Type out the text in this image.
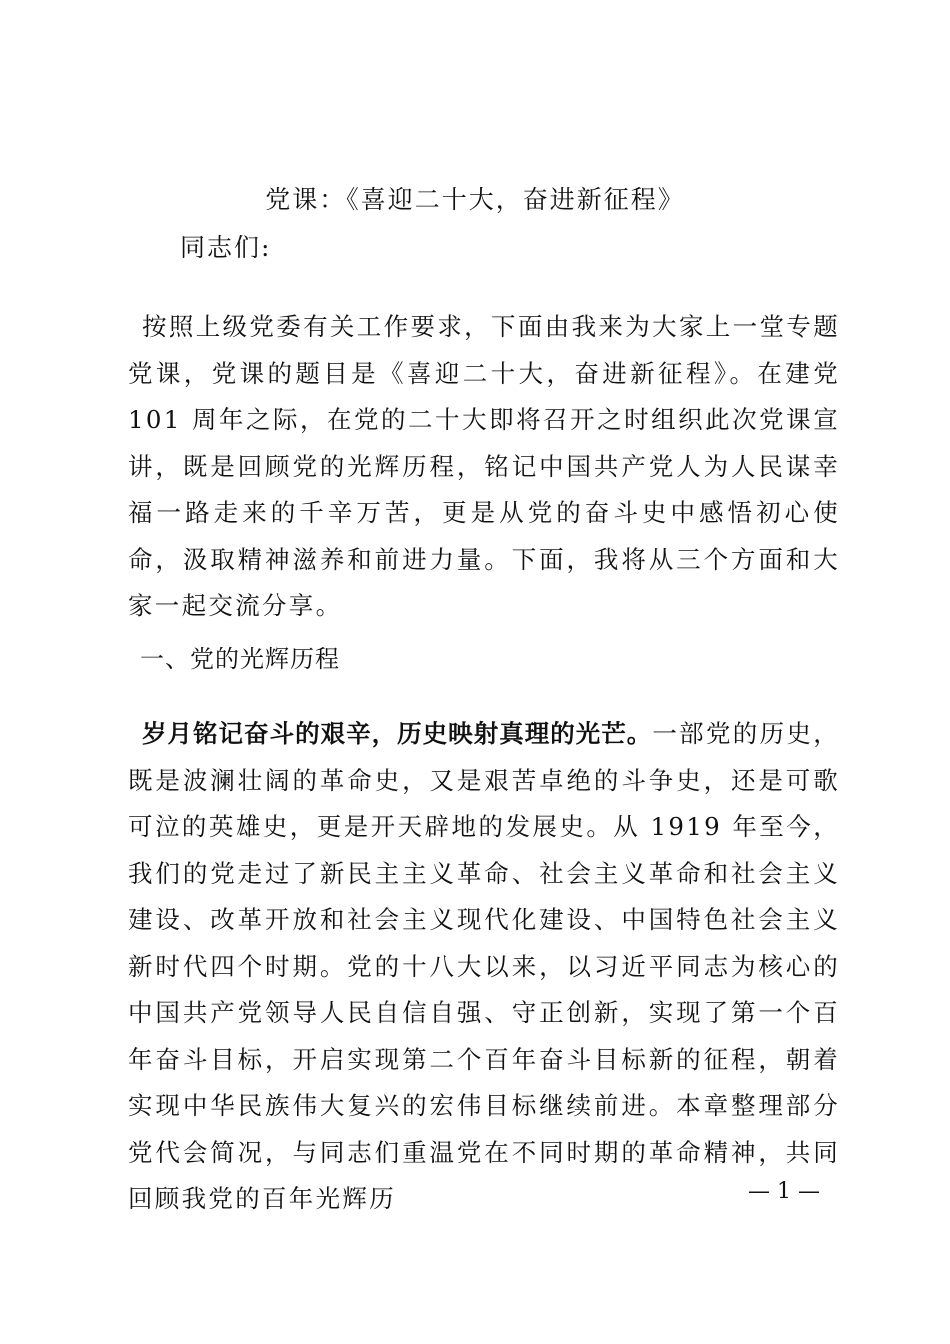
党课：《喜迎二十大，奋进新征程》
同志们:

按照上级党委有关工作要求，下面由我来为大家上一堂专题党课，党课的题目是《喜迎二十大，奋进新征程》。在建党 101 周年之际，在党的二十大即将召开之时组织此次党课宣讲，既是回顾党的光辉历程，铭记中国共产党人为人民谋幸福一路走来的千辛万苦，更是从党的奋斗史中感悟初心使命，汲取精神滋养和前进力量。下面，我将从三个方面和大家一起交流分享。

一、党的光辉历程

岁月铭记奋斗的艰辛，历史映射真理的光芒。一部党的历史，既是波澜壮阔的革命史，又是艰苦卓绝的斗争史，还是可歌可泣的英雄史，更是开天辟地的发展史。从 1919 年至今，我们的党走过了新民主主义革命、社会主义革命和社会主义建设、改革开放和社会主义现代化建设、中国特色社会主义新时代四个时期。党的十八大以来，以习近平同志为核心的中国共产党领导人民自信自强、守正创新，实现了第一个百年奋斗目标，开启实现第二个百年奋斗目标新的征程，朝着实现中华民族伟大复兴的宏伟目标继续前进。本章整理部分党代会简况，与同志们重温党在不同时期的革命精神，共同回顾我党的百年光辉历	— 1 —
